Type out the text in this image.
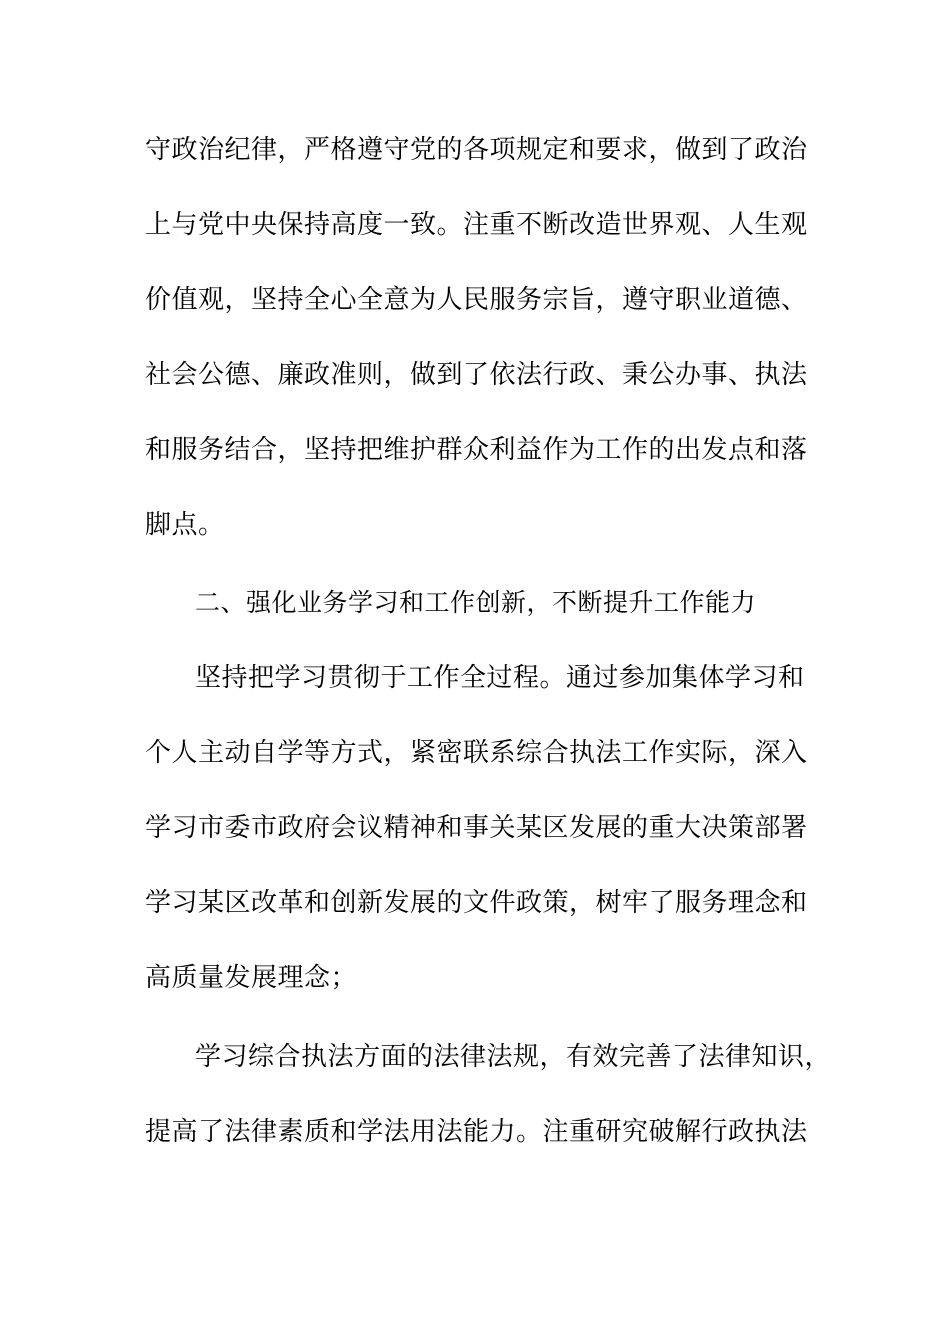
守政治纪律，严格遵守党的各项规定和要求，做到了政治
上与党中央保持高度一致。注重不断改造世界观、人生观
价值观，坚持全心全意为人民服务宗旨，遵守职业道德、
社会公德、廉政准则，做到了依法行政、秉公办事、执法
和服务结合，坚持把维护群众利益作为工作的出发点和落
脚点。
二、强化业务学习和工作创新，不断提升工作能力
坚持把学习贯彻于工作全过程。通过参加集体学习和
个人主动自学等方式，紧密联系综合执法工作实际，深入
学习市委市政府会议精神和事关某区发展的重大决策部署
学习某区改革和创新发展的文件政策，树牢了服务理念和
高质量发展理念；
学习综合执法方面的法律法规，有效完善了法律知识，
提高了法律素质和学法用法能力。注重研究破解行政执法
